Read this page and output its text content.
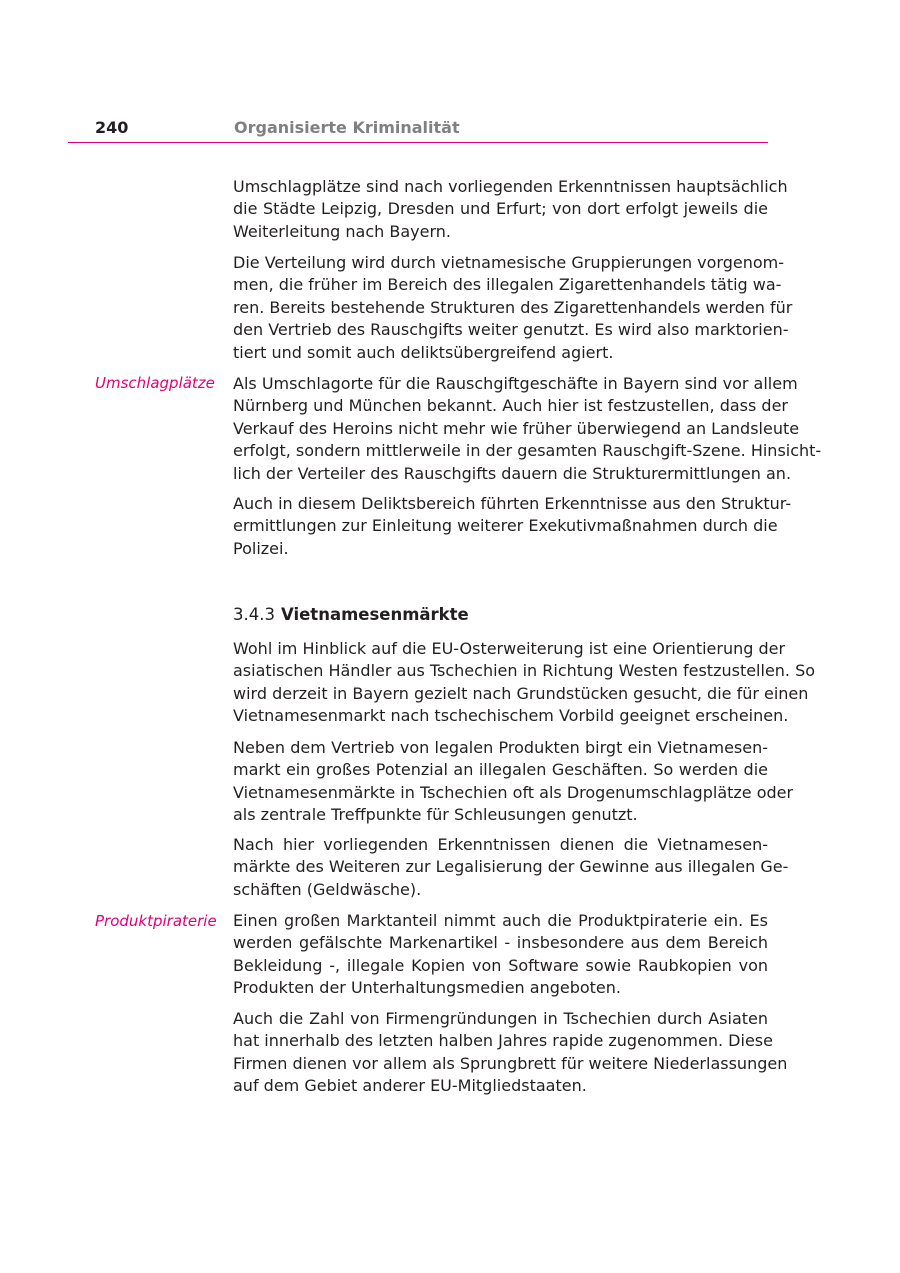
240	Organisierte Kriminalität
Umschlagplätze
Produktpiraterie
3.4.3 Vietnamesenmärkte
Umschlagplätze sind nach vorliegenden Erkenntnissen hauptsächlich
die Städte Leipzig, Dresden und Erfurt; von dort erfolgt jeweils die
Weiterleitung nach Bayern.
Die Verteilung wird durch vietnamesische Gruppierungen vorgenom-
men, die früher im Bereich des illegalen Zigarettenhandels tätig wa-
ren. Bereits bestehende Strukturen des Zigarettenhandels werden für
den Vertrieb des Rauschgifts weiter genutzt. Es wird also marktorien-
tiert und somit auch deliktsübergreifend agiert.
Als Umschlagorte für die Rauschgiftgeschäfte in Bayern sind vor allem
Nürnberg und München bekannt. Auch hier ist festzustellen, dass der
Verkauf des Heroins nicht mehr wie früher überwiegend an Landsleute
erfolgt, sondern mittlerweile in der gesamten Rauschgift-Szene. Hinsicht-
lich der Verteiler des Rauschgifts dauern die Strukturermittlungen an.
Auch in diesem Deliktsbereich führten Erkenntnisse aus den Struktur-
ermittlungen zur Einleitung weiterer Exekutivmaßnahmen durch die
Polizei.
Wohl im Hinblick auf die EU-Osterweiterung ist eine Orientierung der
asiatischen Händler aus Tschechien in Richtung Westen festzustellen. So
wird derzeit in Bayern gezielt nach Grundstücken gesucht, die für einen
Vietnamesenmarkt nach tschechischem Vorbild geeignet erscheinen.
Neben dem Vertrieb von legalen Produkten birgt ein Vietnamesen-
markt ein großes Potenzial an illegalen Geschäften. So werden die
Vietnamesenmärkte in Tschechien oft als Drogenumschlagplätze oder
als zentrale Treffpunkte für Schleusungen genutzt.
Nach hier vorliegenden Erkenntnissen dienen die Vietnamesen-
märkte des Weiteren zur Legalisierung der Gewinne aus illegalen Ge-
schäften (Geldwäsche).
Einen großen Marktanteil nimmt auch die Produktpiraterie ein. Es
werden gefälschte Markenartikel - insbesondere aus dem Bereich
Bekleidung -, illegale Kopien von Software sowie Raubkopien von
Produkten der Unterhaltungsmedien angeboten.
Auch die Zahl von Firmengründungen in Tschechien durch Asiaten
hat innerhalb des letzten halben Jahres rapide zugenommen. Diese
Firmen dienen vor allem als Sprungbrett für weitere Niederlassungen
auf dem Gebiet anderer EU-Mitgliedstaaten.
